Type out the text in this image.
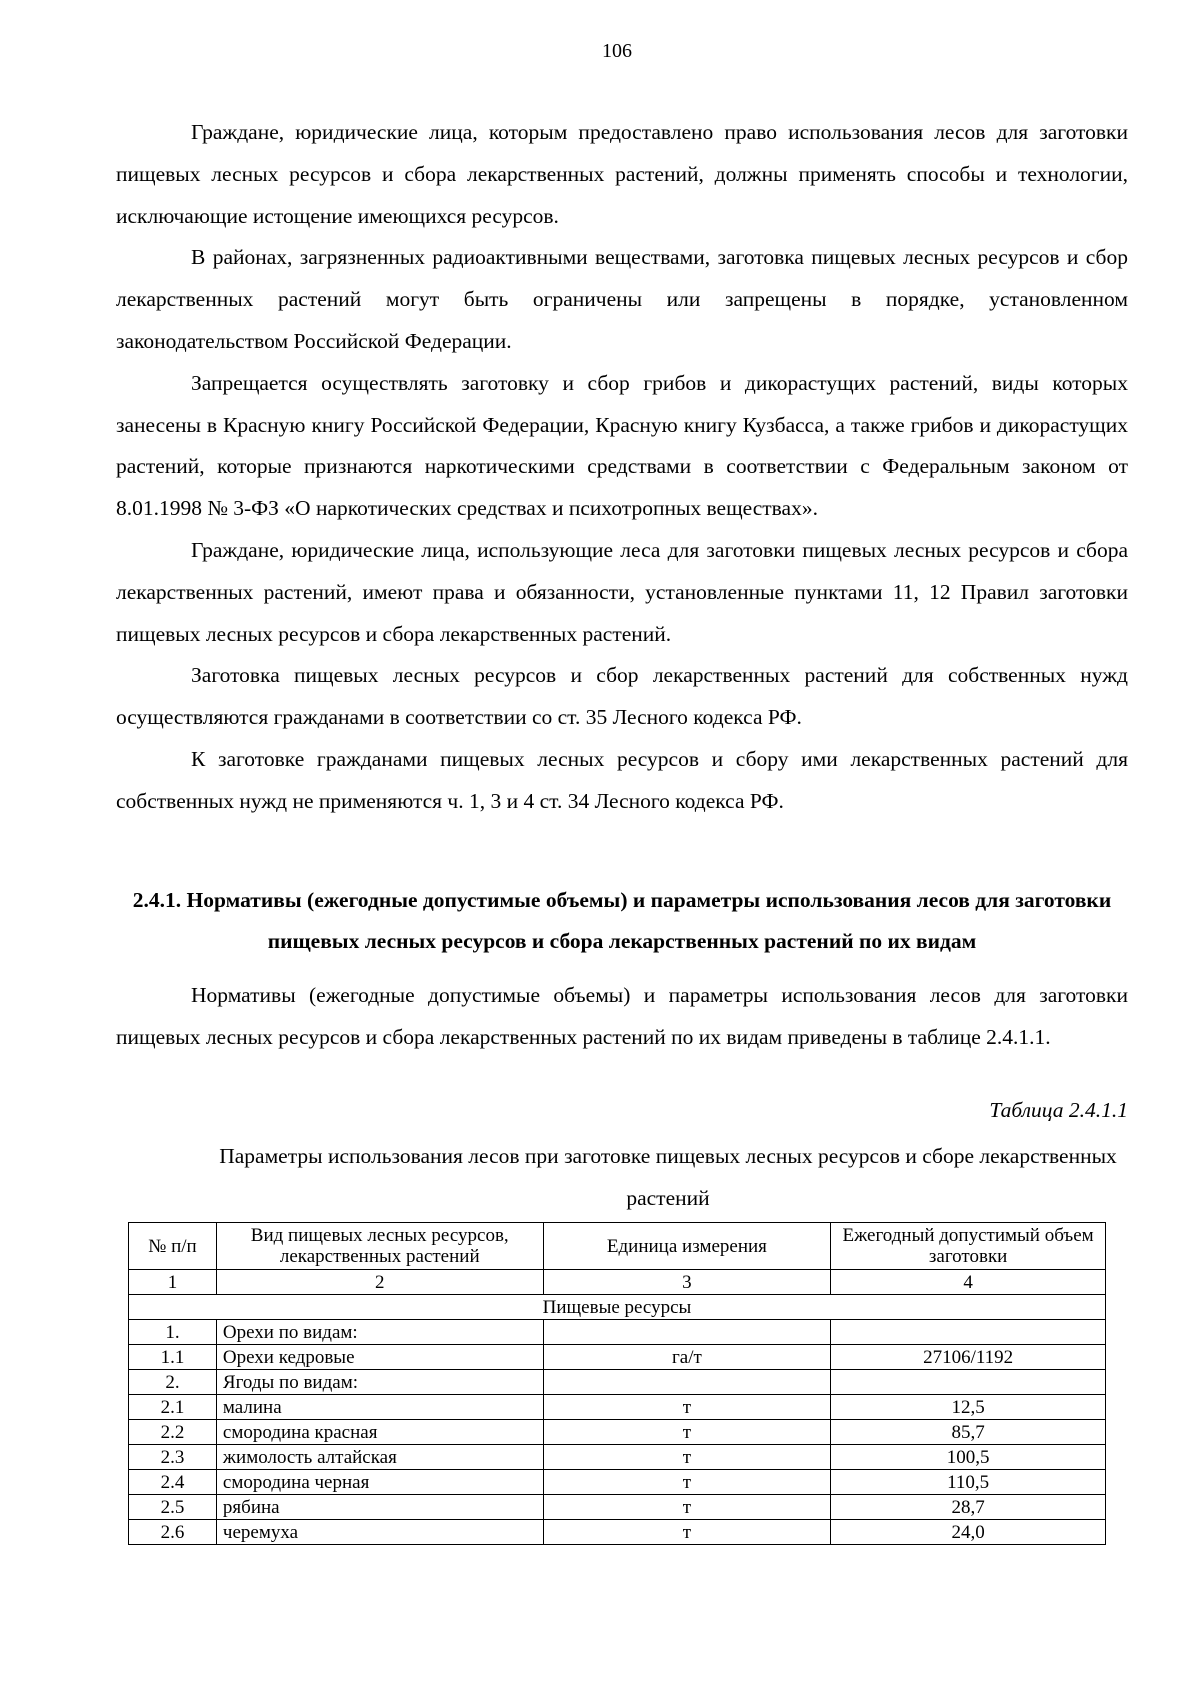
106

Граждане, юридические лица, которым предоставлено право использования лесов для заготовки пищевых лесных ресурсов и сбора лекарственных растений, должны применять способы и технологии, исключающие истощение имеющихся ресурсов.

В районах, загрязненных радиоактивными веществами, заготовка пищевых лесных ресурсов и сбор лекарственных растений могут быть ограничены или запрещены в порядке, установленном законодательством Российской Федерации.

Запрещается осуществлять заготовку и сбор грибов и дикорастущих растений, виды которых занесены в Красную книгу Российской Федерации, Красную книгу Кузбасса, а также грибов и дикорастущих растений, которые признаются наркотическими средствами в соответствии с Федеральным законом от 8.01.1998 № 3-ФЗ «О наркотических средствах и психотропных веществах».

Граждане, юридические лица, использующие леса для заготовки пищевых лесных ресурсов и сбора лекарственных растений, имеют права и обязанности, установленные пунктами 11, 12 Правил заготовки пищевых лесных ресурсов и сбора лекарственных растений.

Заготовка пищевых лесных ресурсов и сбор лекарственных растений для собственных нужд осуществляются гражданами в соответствии со ст. 35 Лесного кодекса РФ.

К заготовке гражданами пищевых лесных ресурсов и сбору ими лекарственных растений для собственных нужд не применяются ч. 1, 3 и 4 ст. 34 Лесного кодекса РФ.

2.4.1. Нормативы (ежегодные допустимые объемы) и параметры использования лесов для заготовки пищевых лесных ресурсов и сбора лекарственных растений по их видам

Нормативы (ежегодные допустимые объемы) и параметры использования лесов для заготовки пищевых лесных ресурсов и сбора лекарственных растений по их видам приведены в таблице 2.4.1.1.

Таблица 2.4.1.1

Параметры использования лесов при заготовке пищевых лесных ресурсов и сборе лекарственных растений

№ п/п	Вид пищевых лесных ресурсов, лекарственных растений	Единица измерения	Ежегодный допустимый объем заготовки
1	2	3	4
Пищевые ресурсы			
1.	Орехи по видам:		
1.1	Орехи кедровые	га/т	27106/1192
2.	Ягоды по видам:		
2.1	малина	т	12,5
2.2	смородина красная	т	85,7
2.3	жимолость алтайская	т	100,5
2.4	смородина черная	т	110,5
2.5	рябина	т	28,7
2.6	черемуха	т	24,0
